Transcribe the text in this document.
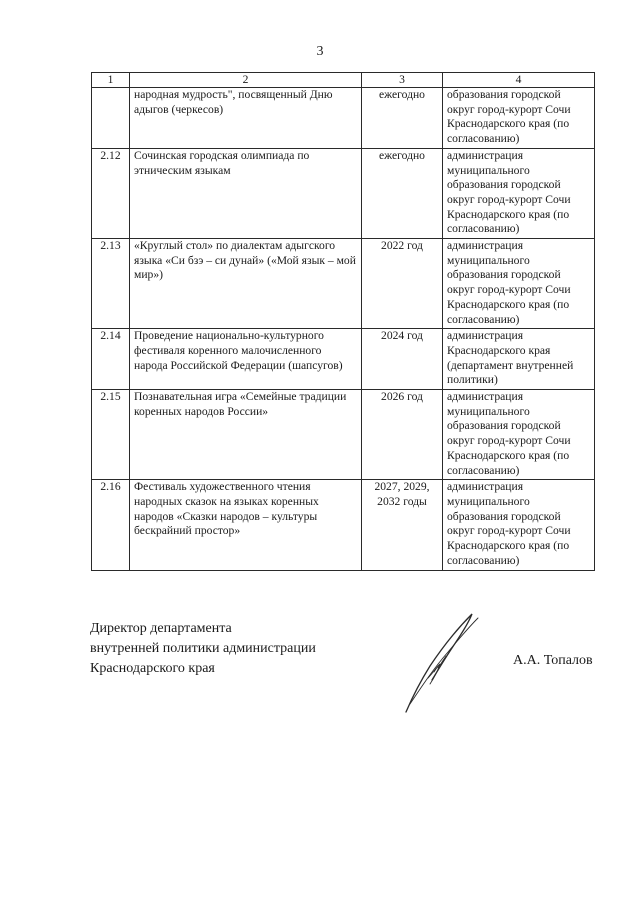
3
1	2	3	4
	народная мудрость", посвященный Дню адыгов (черкесов)	ежегодно	образования городской округ город-курорт Сочи Краснодарского края (по согласованию)
2.12	Сочинская городская олимпиада по этническим языкам	ежегодно	администрация муниципального образования городской округ город-курорт Сочи Краснодарского края (по согласованию)
2.13	«Круглый стол» по диалектам адыгского языка «Си бзэ – си дунай» («Мой язык – мой мир»)	2022 год	администрация муниципального образования городской округ город-курорт Сочи Краснодарского края (по согласованию)
2.14	Проведение национально-культурного фестиваля коренного малочисленного народа Российской Федерации (шапсугов)	2024 год	администрация Краснодарского края (департамент внутренней политики)
2.15	Познавательная игра «Семейные традиции коренных народов России»	2026 год	администрация муниципального образования городской округ город-курорт Сочи Краснодарского края (по согласованию)
2.16	Фестиваль художественного чтения народных сказок на языках коренных народов «Сказки народов – культуры бескрайний простор»	2027, 2029, 2032 годы	администрация муниципального образования городской округ город-курорт Сочи Краснодарского края (по согласованию)
Директор департамента
внутренней политики администрации
Краснодарского края
А.А. Топалов
